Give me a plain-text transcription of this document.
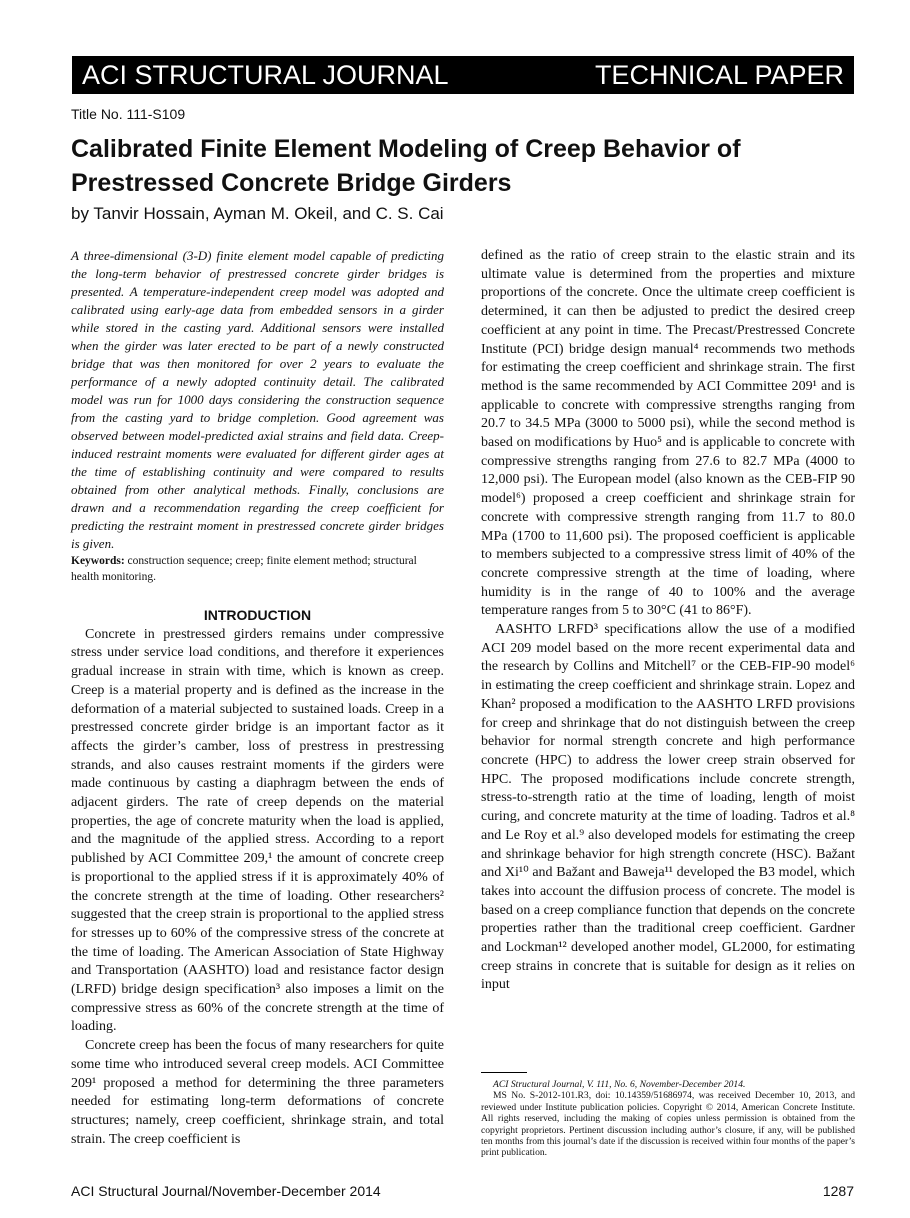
ACI STRUCTURAL JOURNAL	TECHNICAL PAPER
Title No. 111-S109
Calibrated Finite Element Modeling of Creep Behavior of Prestressed Concrete Bridge Girders
by Tanvir Hossain, Ayman M. Okeil, and C. S. Cai

A three-dimensional (3-D) finite element model capable of predicting the long-term behavior of prestressed concrete girder bridges is presented. A temperature-independent creep model was adopted and calibrated using early-age data from embedded sensors in a girder while stored in the casting yard. Additional sensors were installed when the girder was later erected to be part of a newly constructed bridge that was then monitored for over 2 years to evaluate the performance of a newly adopted continuity detail. The calibrated model was run for 1000 days considering the construction sequence from the casting yard to bridge completion. Good agreement was observed between model-predicted axial strains and field data. Creep-induced restraint moments were evaluated for different girder ages at the time of establishing continuity and were compared to results obtained from other analytical methods. Finally, conclusions are drawn and a recommendation regarding the creep coefficient for predicting the restraint moment in prestressed concrete girder bridges is given.

Keywords: construction sequence; creep; finite element method; structural health monitoring.

INTRODUCTION

Concrete in prestressed girders remains under compressive stress under service load conditions, and therefore it experiences gradual increase in strain with time, which is known as creep. Creep is a material property and is defined as the increase in the deformation of a material subjected to sustained loads. Creep in a prestressed concrete girder bridge is an important factor as it affects the girder’s camber, loss of prestress in prestressing strands, and also causes restraint moments if the girders were made continuous by casting a diaphragm between the ends of adjacent girders. The rate of creep depends on the material properties, the age of concrete maturity when the load is applied, and the magnitude of the applied stress. According to a report published by ACI Committee 209,¹ the amount of concrete creep is proportional to the applied stress if it is approximately 40% of the concrete strength at the time of loading. Other researchers² suggested that the creep strain is proportional to the applied stress for stresses up to 60% of the compressive stress of the concrete at the time of loading. The American Association of State Highway and Transportation (AASHTO) load and resistance factor design (LRFD) bridge design specification³ also imposes a limit on the compressive stress as 60% of the concrete strength at the time of loading.

Concrete creep has been the focus of many researchers for quite some time who introduced several creep models. ACI Committee 209¹ proposed a method for determining the three parameters needed for estimating long-term deformations of concrete structures; namely, creep coefficient, shrinkage strain, and total strain. The creep coefficient is

defined as the ratio of creep strain to the elastic strain and its ultimate value is determined from the properties and mixture proportions of the concrete. Once the ultimate creep coefficient is determined, it can then be adjusted to predict the desired creep coefficient at any point in time. The Precast/Prestressed Concrete Institute (PCI) bridge design manual⁴ recommends two methods for estimating the creep coefficient and shrinkage strain. The first method is the same recommended by ACI Committee 209¹ and is applicable to concrete with compressive strengths ranging from 20.7 to 34.5 MPa (3000 to 5000 psi), while the second method is based on modifications by Huo⁵ and is applicable to concrete with compressive strengths ranging from 27.6 to 82.7 MPa (4000 to 12,000 psi). The European model (also known as the CEB-FIP 90 model⁶) proposed a creep coefficient and shrinkage strain for concrete with compressive strength ranging from 11.7 to 80.0 MPa (1700 to 11,600 psi). The proposed coefficient is applicable to members subjected to a compressive stress limit of 40% of the concrete compressive strength at the time of loading, where humidity is in the range of 40 to 100% and the average temperature ranges from 5 to 30°C (41 to 86°F).

AASHTO LRFD³ specifications allow the use of a modified ACI 209 model based on the more recent experimental data and the research by Collins and Mitchell⁷ or the CEB-FIP-90 model⁶ in estimating the creep coefficient and shrinkage strain. Lopez and Khan² proposed a modification to the AASHTO LRFD provisions for creep and shrinkage that do not distinguish between the creep behavior for normal strength concrete and high performance concrete (HPC) to address the lower creep strain observed for HPC. The proposed modifications include concrete strength, stress-to-strength ratio at the time of loading, length of moist curing, and concrete maturity at the time of loading. Tadros et al.⁸ and Le Roy et al.⁹ also developed models for estimating the creep and shrinkage behavior for high strength concrete (HSC). Bažant and Xi¹⁰ and Bažant and Baweja¹¹ developed the B3 model, which takes into account the diffusion process of concrete. The model is based on a creep compliance function that depends on the concrete properties rather than the traditional creep coefficient. Gardner and Lockman¹² developed another model, GL2000, for estimating creep strains in concrete that is suitable for design as it relies on input

ACI Structural Journal, V. 111, No. 6, November-December 2014.

MS No. S-2012-101.R3, doi: 10.14359/51686974, was received December 10, 2013, and reviewed under Institute publication policies. Copyright © 2014, American Concrete Institute. All rights reserved, including the making of copies unless permission is obtained from the copyright proprietors. Pertinent discussion including author’s closure, if any, will be published ten months from this journal’s date if the discussion is received within four months of the paper’s print publication.

ACI Structural Journal/November-December 2014	1287
